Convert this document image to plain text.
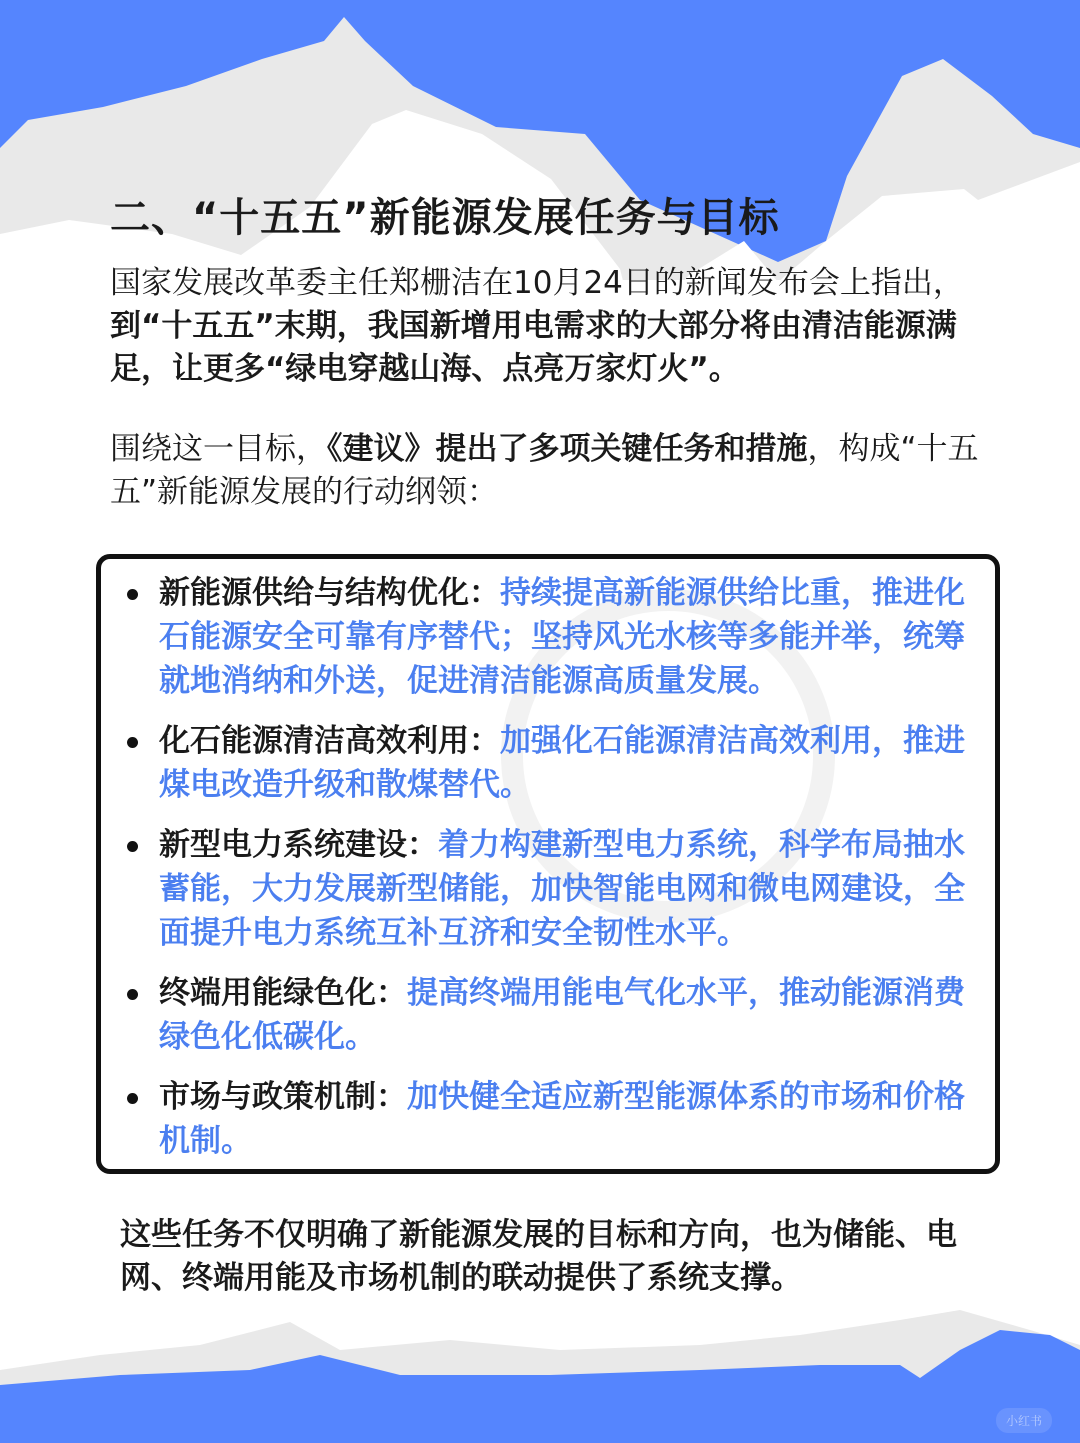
二、“十五五”新能源发展任务与目标

国家发展改革委主任郑栅洁在10月24日的新闻发布会上指出，到“十五五”末期，我国新增用电需求的大部分将由清洁能源满足，让更多“绿电穿越山海、点亮万家灯火”。

围绕这一目标，《建议》提出了多项关键任务和措施，构成“十五五”新能源发展的行动纲领：

新能源供给与结构优化：持续提高新能源供给比重，推进化石能源安全可靠有序替代；坚持风光水核等多能并举，统筹就地消纳和外送，促进清洁能源高质量发展。
化石能源清洁高效利用：加强化石能源清洁高效利用，推进煤电改造升级和散煤替代。
新型电力系统建设：着力构建新型电力系统，科学布局抽水蓄能，大力发展新型储能，加快智能电网和微电网建设，全面提升电力系统互补互济和安全韧性水平。
终端用能绿色化：提高终端用能电气化水平，推动能源消费绿色化低碳化。
市场与政策机制：加快健全适应新型能源体系的市场和价格机制。

这些任务不仅明确了新能源发展的目标和方向，也为储能、电网、终端用能及市场机制的联动提供了系统支撑。

小红书
